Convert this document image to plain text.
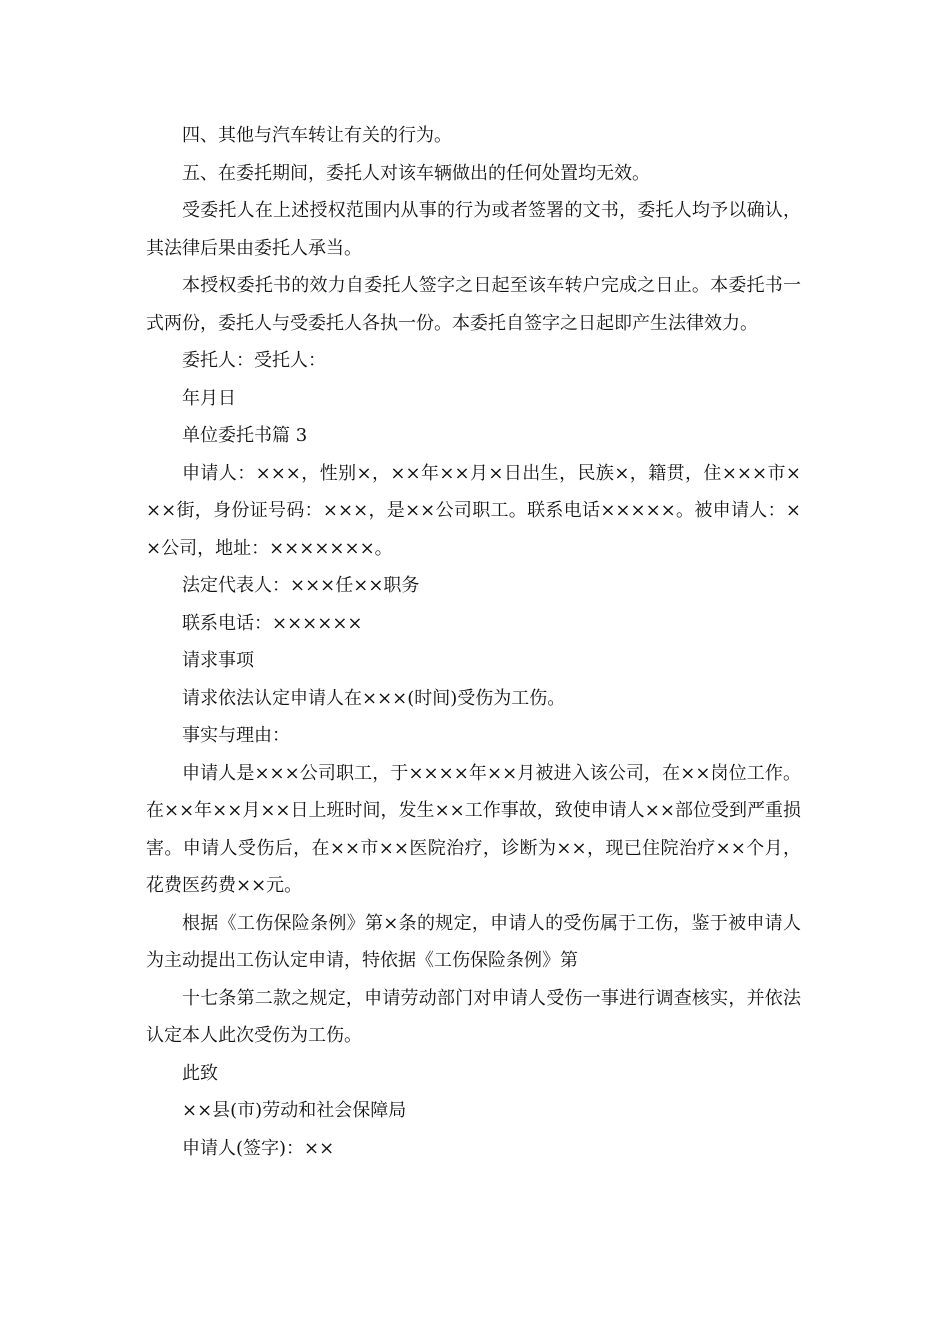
四、其他与汽车转让有关的行为。

五、在委托期间，委托人对该车辆做出的任何处置均无效。

受委托人在上述授权范围内从事的行为或者签署的文书，委托人均予以确认，其法律后果由委托人承当。

本授权委托书的效力自委托人签字之日起至该车转户完成之日止。本委托书一式两份，委托人与受委托人各执一份。本委托自签字之日起即产生法律效力。

委托人：受托人：

年月日

单位委托书篇 3

申请人：×××，性别×，××年××月×日出生，民族×，籍贯，住×××市×××街，身份证号码：×××，是××公司职工。联系电话×××××。被申请人：××公司，地址：×××××××。

法定代表人：×××任××职务

联系电话：××××××

请求事项

请求依法认定申请人在×××(时间)受伤为工伤。

事实与理由：

申请人是×××公司职工，于××××年××月被进入该公司，在××岗位工作。在××年××月××日上班时间，发生××工作事故，致使申请人××部位受到严重损害。申请人受伤后，在××市××医院治疗，诊断为××，现已住院治疗××个月，花费医药费××元。

根据《工伤保险条例》第×条的规定，申请人的受伤属于工伤，鉴于被申请人为主动提出工伤认定申请，特依据《工伤保险条例》第

十七条第二款之规定，申请劳动部门对申请人受伤一事进行调查核实，并依法认定本人此次受伤为工伤。

此致

××县(市)劳动和社会保障局

申请人(签字)：××
